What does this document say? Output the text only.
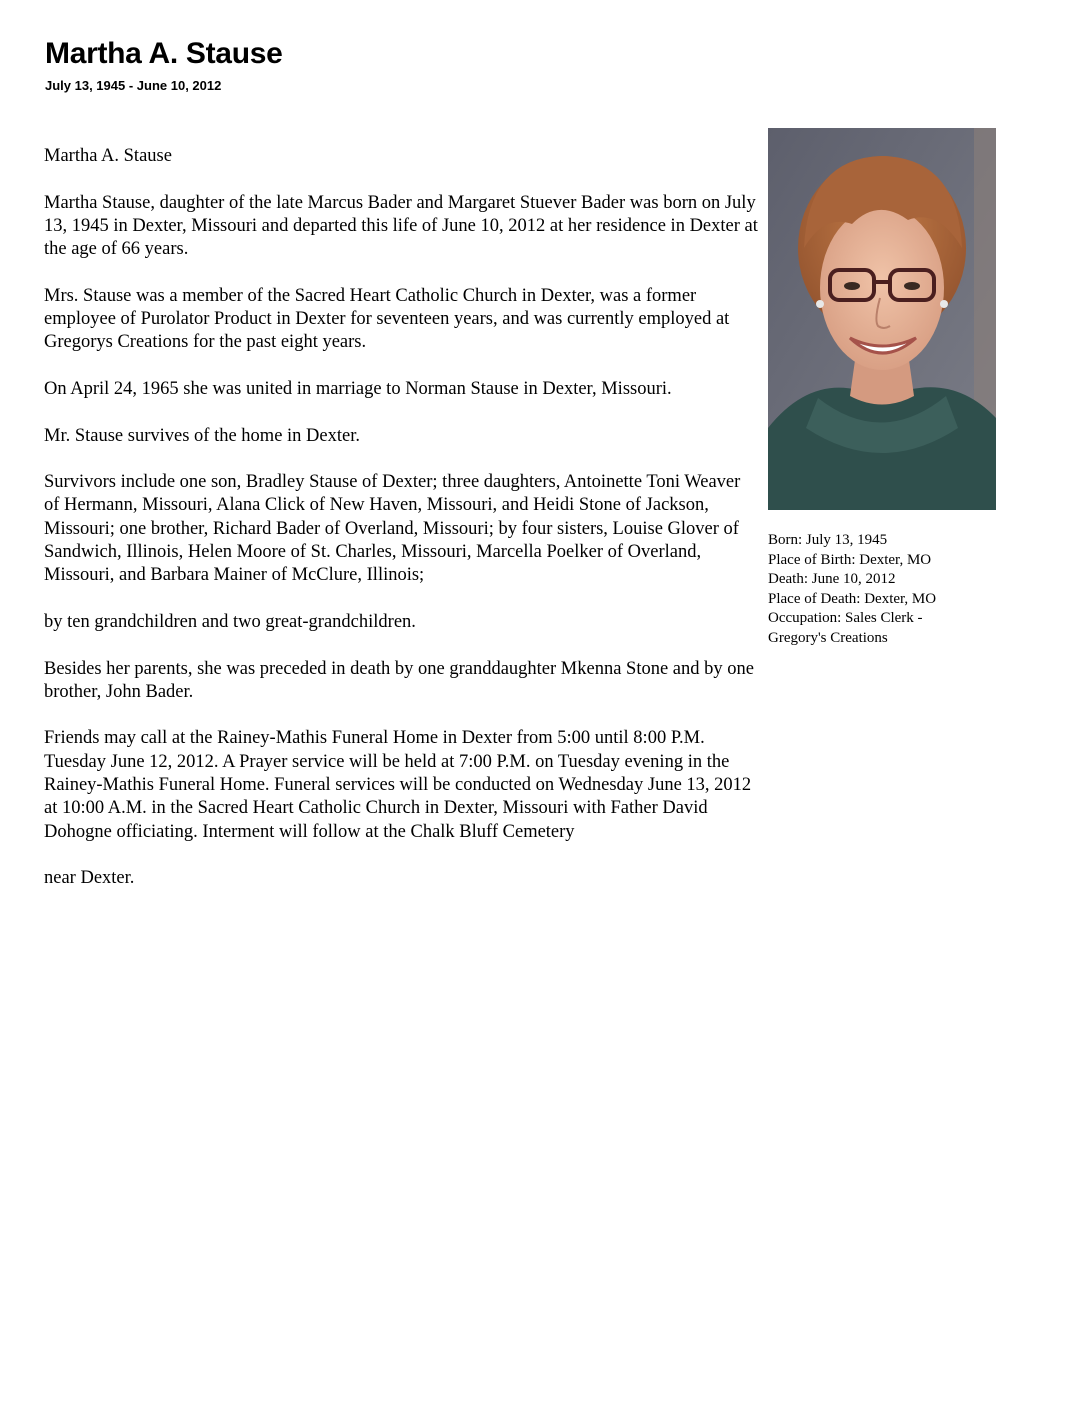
Martha A. Stause
July 13, 1945 - June 10, 2012

Martha A. Stause

Martha Stause, daughter of the late Marcus Bader and Margaret Stuever Bader was born on July 13, 1945 in Dexter, Missouri and departed this life of June 10, 2012 at her residence in Dexter at the age of 66 years.

Mrs. Stause was a member of the Sacred Heart Catholic Church in Dexter, was a former employee of Purolator Product in Dexter for seventeen years, and was currently employed at Gregorys Creations for the past eight years.

On April 24, 1965 she was united in marriage to Norman Stause in Dexter, Missouri.

Mr. Stause survives of the home in Dexter.

Survivors include one son, Bradley Stause of Dexter; three daughters, Antoinette Toni Weaver of Hermann, Missouri, Alana Click of New Haven, Missouri, and Heidi Stone of Jackson, Missouri; one brother, Richard Bader of Overland, Missouri; by four sisters, Louise Glover of Sandwich, Illinois, Helen Moore of St. Charles, Missouri, Marcella Poelker of Overland, Missouri, and Barbara Mainer of McClure, Illinois;

by ten grandchildren and two great-grandchildren.

Besides her parents, she was preceded in death by one granddaughter Mkenna Stone and by one brother, John Bader.

Friends may call at the Rainey-Mathis Funeral Home in Dexter from 5:00 until 8:00 P.M. Tuesday June 12, 2012. A Prayer service will be held at 7:00 P.M. on Tuesday evening in the Rainey-Mathis Funeral Home. Funeral services will be conducted on Wednesday June 13, 2012 at 10:00 A.M. in the Sacred Heart Catholic Church in Dexter, Missouri with Father David Dohogne officiating. Interment will follow at the Chalk Bluff Cemetery

near Dexter.

Born: July 13, 1945
Place of Birth: Dexter, MO
Death: June 10, 2012
Place of Death: Dexter, MO
Occupation: Sales Clerk -
Gregory's Creations
